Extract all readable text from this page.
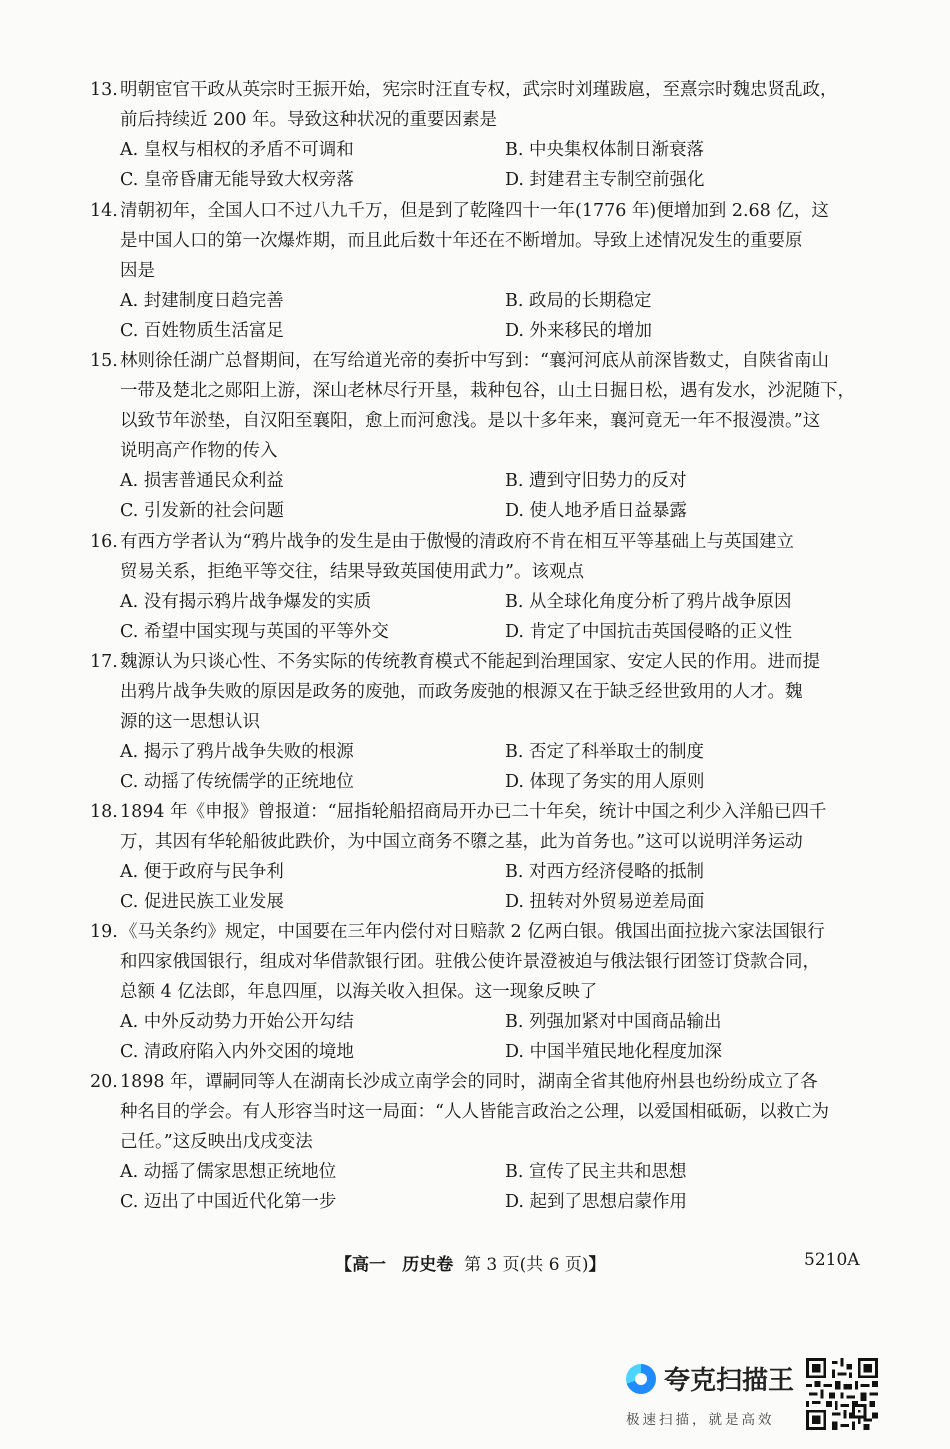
13. 明朝宦官干政从英宗时王振开始，宪宗时汪直专权，武宗时刘瑾跋扈，至熹宗时魏忠贤乱政，
前后持续近 200 年。导致这种状况的重要因素是

A. 皇权与相权的矛盾不可调和	B. 中央集权体制日渐衰落
C. 皇帝昏庸无能导致大权旁落	D. 封建君主专制空前强化

14. 清朝初年，全国人口不过八九千万，但是到了乾隆四十一年(1776 年)便增加到 2.68 亿，这
是中国人口的第一次爆炸期，而且此后数十年还在不断增加。导致上述情况发生的重要原
因是

A. 封建制度日趋完善	B. 政局的长期稳定
C. 百姓物质生活富足	D. 外来移民的增加

15. 林则徐任湖广总督期间，在写给道光帝的奏折中写到：“襄河河底从前深皆数丈，自陕省南山
一带及楚北之郧阳上游，深山老林尽行开垦，栽种包谷，山土日掘日松，遇有发水，沙泥随下，
以致节年淤垫，自汉阳至襄阳，愈上而河愈浅。是以十多年来，襄河竟无一年不报漫溃。”这
说明高产作物的传入

A. 损害普通民众利益	B. 遭到守旧势力的反对
C. 引发新的社会问题	D. 使人地矛盾日益暴露

16. 有西方学者认为“鸦片战争的发生是由于傲慢的清政府不肯在相互平等基础上与英国建立
贸易关系，拒绝平等交往，结果导致英国使用武力”。该观点

A. 没有揭示鸦片战争爆发的实质	B. 从全球化角度分析了鸦片战争原因
C. 希望中国实现与英国的平等外交	D. 肯定了中国抗击英国侵略的正义性

17. 魏源认为只谈心性、不务实际的传统教育模式不能起到治理国家、安定人民的作用。进而提
出鸦片战争失败的原因是政务的废弛，而政务废弛的根源又在于缺乏经世致用的人才。魏
源的这一思想认识

A. 揭示了鸦片战争失败的根源	B. 否定了科举取士的制度
C. 动摇了传统儒学的正统地位	D. 体现了务实的用人原则

18. 1894 年《申报》曾报道：“屈指轮船招商局开办已二十年矣，统计中国之利少入洋船已四千
万，其因有华轮船彼此跌价，为中国立商务不隳之基，此为首务也。”这可以说明洋务运动

A. 便于政府与民争利	B. 对西方经济侵略的抵制
C. 促进民族工业发展	D. 扭转对外贸易逆差局面

19. 《马关条约》规定，中国要在三年内偿付对日赔款 2 亿两白银。俄国出面拉拢六家法国银行
和四家俄国银行，组成对华借款银行团。驻俄公使许景澄被迫与俄法银行团签订贷款合同，
总额 4 亿法郎，年息四厘，以海关收入担保。这一现象反映了

A. 中外反动势力开始公开勾结	B. 列强加紧对中国商品输出
C. 清政府陷入内外交困的境地	D. 中国半殖民地化程度加深

20. 1898 年，谭嗣同等人在湖南长沙成立南学会的同时，湖南全省其他府州县也纷纷成立了各
种名目的学会。有人形容当时这一局面：“人人皆能言政治之公理，以爱国相砥砺，以救亡为
己任。”这反映出戊戌变法

A. 动摇了儒家思想正统地位	B. 宣传了民主共和思想
C. 迈出了中国近代化第一步	D. 起到了思想启蒙作用
【高一 历史卷 第 3 页(共 6 页)】	5210A
夸克扫描王
极速扫描，就是高效
